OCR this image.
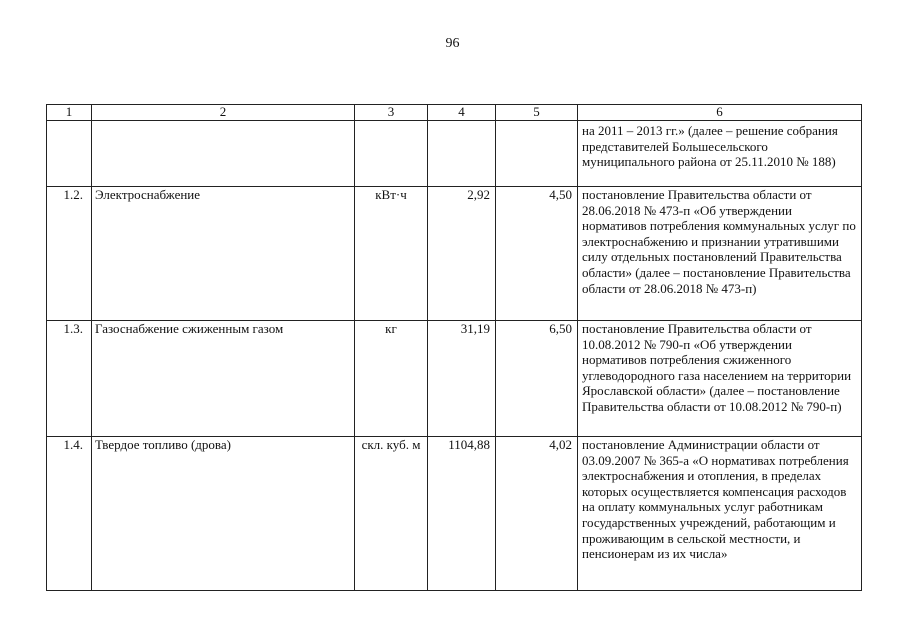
96
1	2	3	4	5	6
					на 2011 – 2013 гг.» (далее – решение собрания представителей Большесельского муниципального района от 25.11.2010 № 188)
1.2.	Электроснабжение	кВт·ч	2,92	4,50	постановление Правительства области от 28.06.2018 № 473-п «Об утверждении нормативов потребления коммунальных услуг по электроснабжению и признании утратившими силу отдельных постановлений Правительства области» (далее – постановление Правительства области от 28.06.2018 № 473-п)
1.3.	Газоснабжение сжиженным газом	кг	31,19	6,50	постановление Правительства области от 10.08.2012 № 790-п «Об утверждении нормативов потребления сжиженного углеводородного газа населением на территории Ярославской области» (далее – постановление Правительства области от 10.08.2012 № 790-п)
1.4.	Твердое топливо (дрова)	скл. куб. м	1104,88	4,02	постановление Администрации области от 03.09.2007 № 365-а «О нормативах потребления электроснабжения и отопления, в пределах которых осуществляется компенсация расходов на оплату коммунальных услуг работникам государственных учреждений, работающим и проживающим в сельской местности, и пенсионерам из их числа»
